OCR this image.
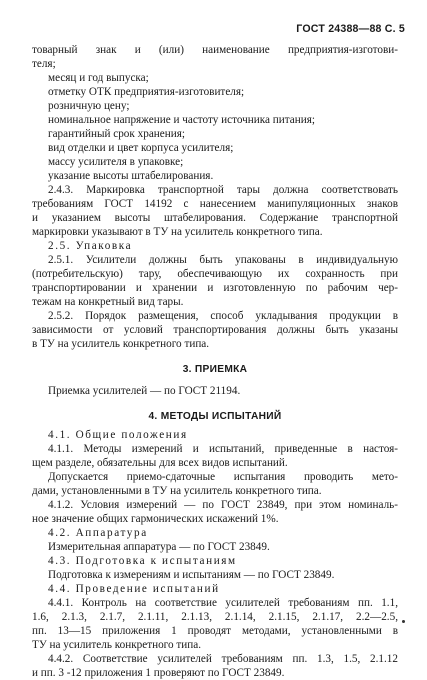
ГОСТ 24388—88 С. 5
товарный знак и (или) наименование предприятия-изготови-
теля;
месяц и год выпуска;
отметку ОТК предприятия-изготовителя;
розничную цену;
номинальное напряжение и частоту источника питания;
гарантийный срок хранения;
вид отделки и цвет корпуса усилителя;
массу усилителя в упаковке;
указание высоты штабелирования.
2.4.3. Маркировка транспортной тары должна соответствовать
требованиям ГОСТ 14192 с нанесением манипуляционных знаков
и указанием высоты штабелирования. Содержание транспортной
маркировки указывают в ТУ на усилитель конкретного типа.
2.5. Упаковка
2.5.1. Усилители должны быть упакованы в индивидуальную
(потребительскую) тару, обеспечивающую их сохранность при
транспортировании и хранении и изготовленную по рабочим чер-
тежам на конкретный вид тары.
2.5.2. Порядок размещения, способ укладывания продукции в
зависимости от условий транспортирования должны быть указаны
в ТУ на усилитель конкретного типа.
3. ПРИЕМКА
Приемка усилителей — по ГОСТ 21194.
4. МЕТОДЫ ИСПЫТАНИЙ
4.1. Общие положения
4.1.1. Методы измерений и испытаний, приведенные в настоя-
щем разделе, обязательны для всех видов испытаний.
Допускается приемо-сдаточные испытания проводить мето-
дами, установленными в ТУ на усилитель конкретного типа.
4.1.2. Условия измерений — по ГОСТ 23849, при этом номиналь-
ное значение общих гармонических искажений 1%.
4.2. Аппаратура
Измерительная аппаратура — по ГОСТ 23849.
4.3. Подготовка к испытаниям
Подготовка к измерениям и испытаниям — по ГОСТ 23849.
4.4. Проведение испытаний
4.4.1. Контроль на соответствие усилителей требованиям пп. 1.1,
1.6, 2.1.3, 2.1.7, 2.1.11, 2.1.13, 2.1.14, 2.1.15, 2.1.17, 2.2—2.5,
пп. 13—15 приложения 1 проводят методами, установленными в
ТУ на усилитель конкретного типа.
4.4.2. Соответствие усилителей требованиям пп. 1.3, 1.5, 2.1.12
и пп. 3 -12 приложения 1 проверяют по ГОСТ 23849.
